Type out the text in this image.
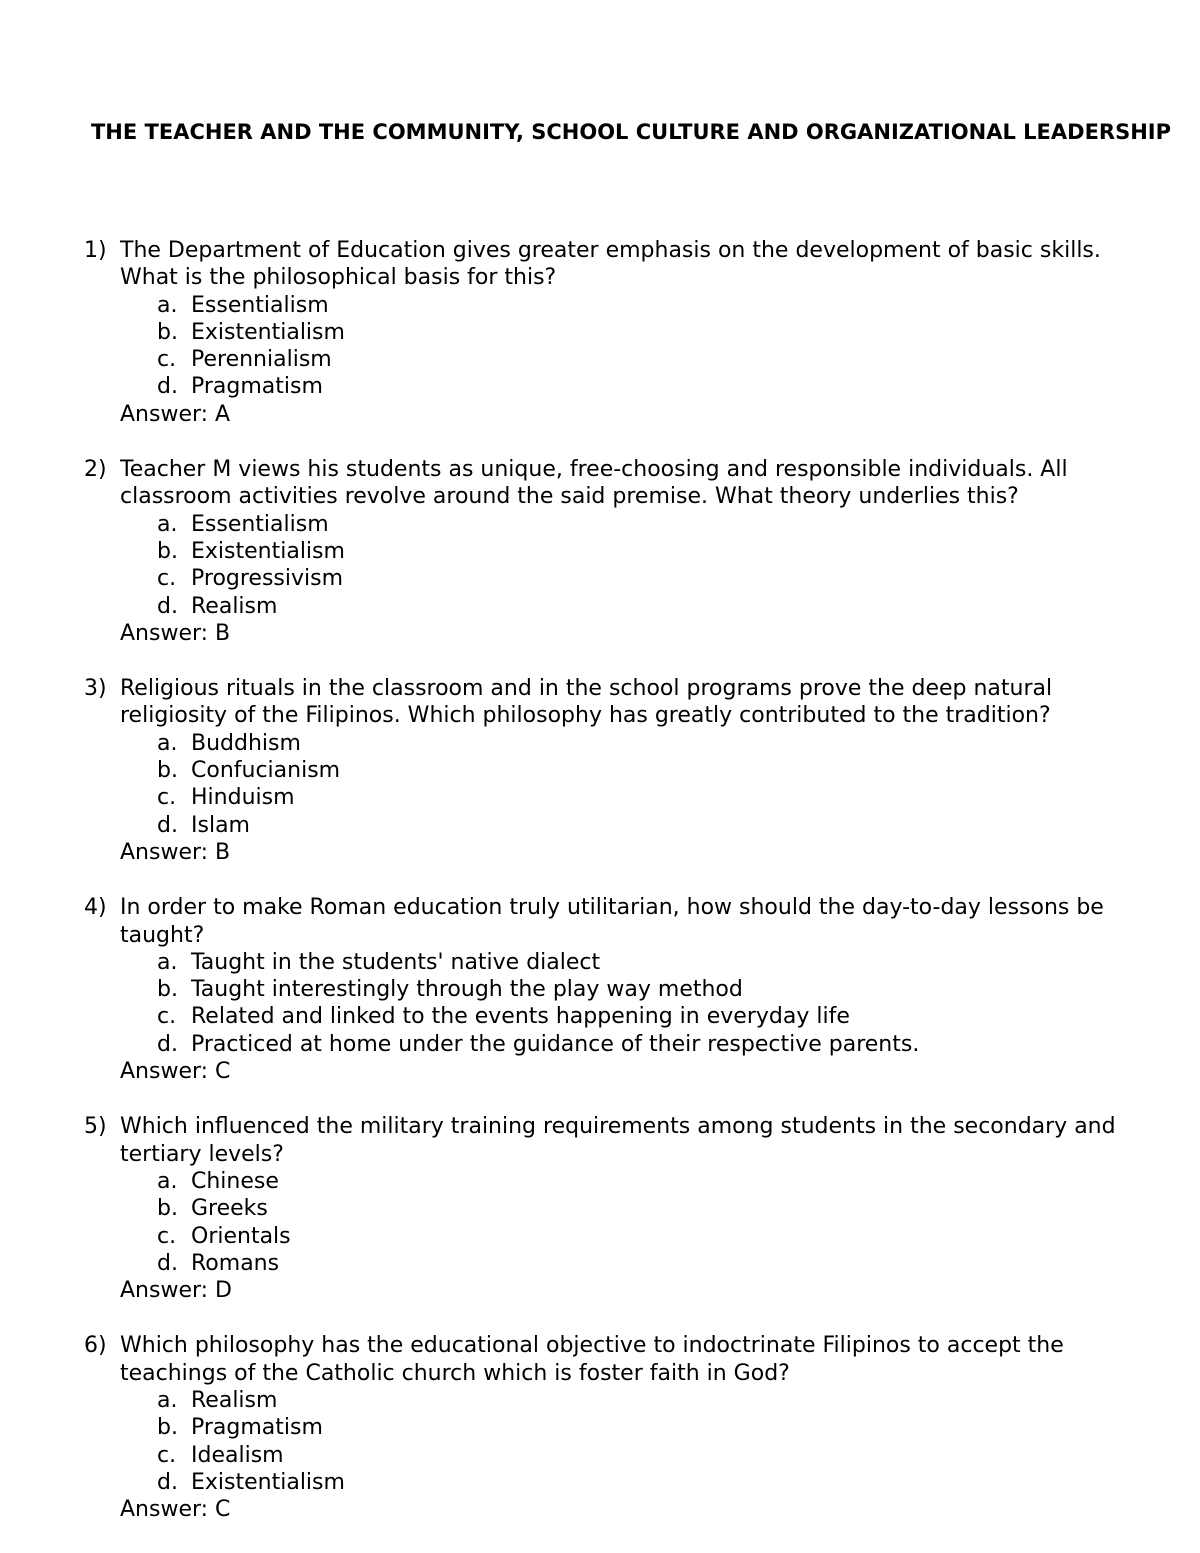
THE TEACHER AND THE COMMUNITY, SCHOOL CULTURE AND ORGANIZATIONAL LEADERSHIP
1) The Department of Education gives greater emphasis on the development of basic skills. What is the philosophical basis for this?
a. Essentialism
b. Existentialism
c. Perennialism
d. Pragmatism
Answer: A
2) Teacher M views his students as unique, free-choosing and responsible individuals. All classroom activities revolve around the said premise. What theory underlies this?
a. Essentialism
b. Existentialism
c. Progressivism
d. Realism
Answer: B
3) Religious rituals in the classroom and in the school programs prove the deep natural religiosity of the Filipinos. Which philosophy has greatly contributed to the tradition?
a. Buddhism
b. Confucianism
c. Hinduism
d. Islam
Answer: B
4) In order to make Roman education truly utilitarian, how should the day-to-day lessons be taught?
a. Taught in the students' native dialect
b. Taught interestingly through the play way method
c. Related and linked to the events happening in everyday life
d. Practiced at home under the guidance of their respective parents.
Answer: C
5) Which influenced the military training requirements among students in the secondary and tertiary levels?
a. Chinese
b. Greeks
c. Orientals
d. Romans
Answer: D
6) Which philosophy has the educational objective to indoctrinate Filipinos to accept the teachings of the Catholic church which is foster faith in God?
a. Realism
b. Pragmatism
c. Idealism
d. Existentialism
Answer: C
